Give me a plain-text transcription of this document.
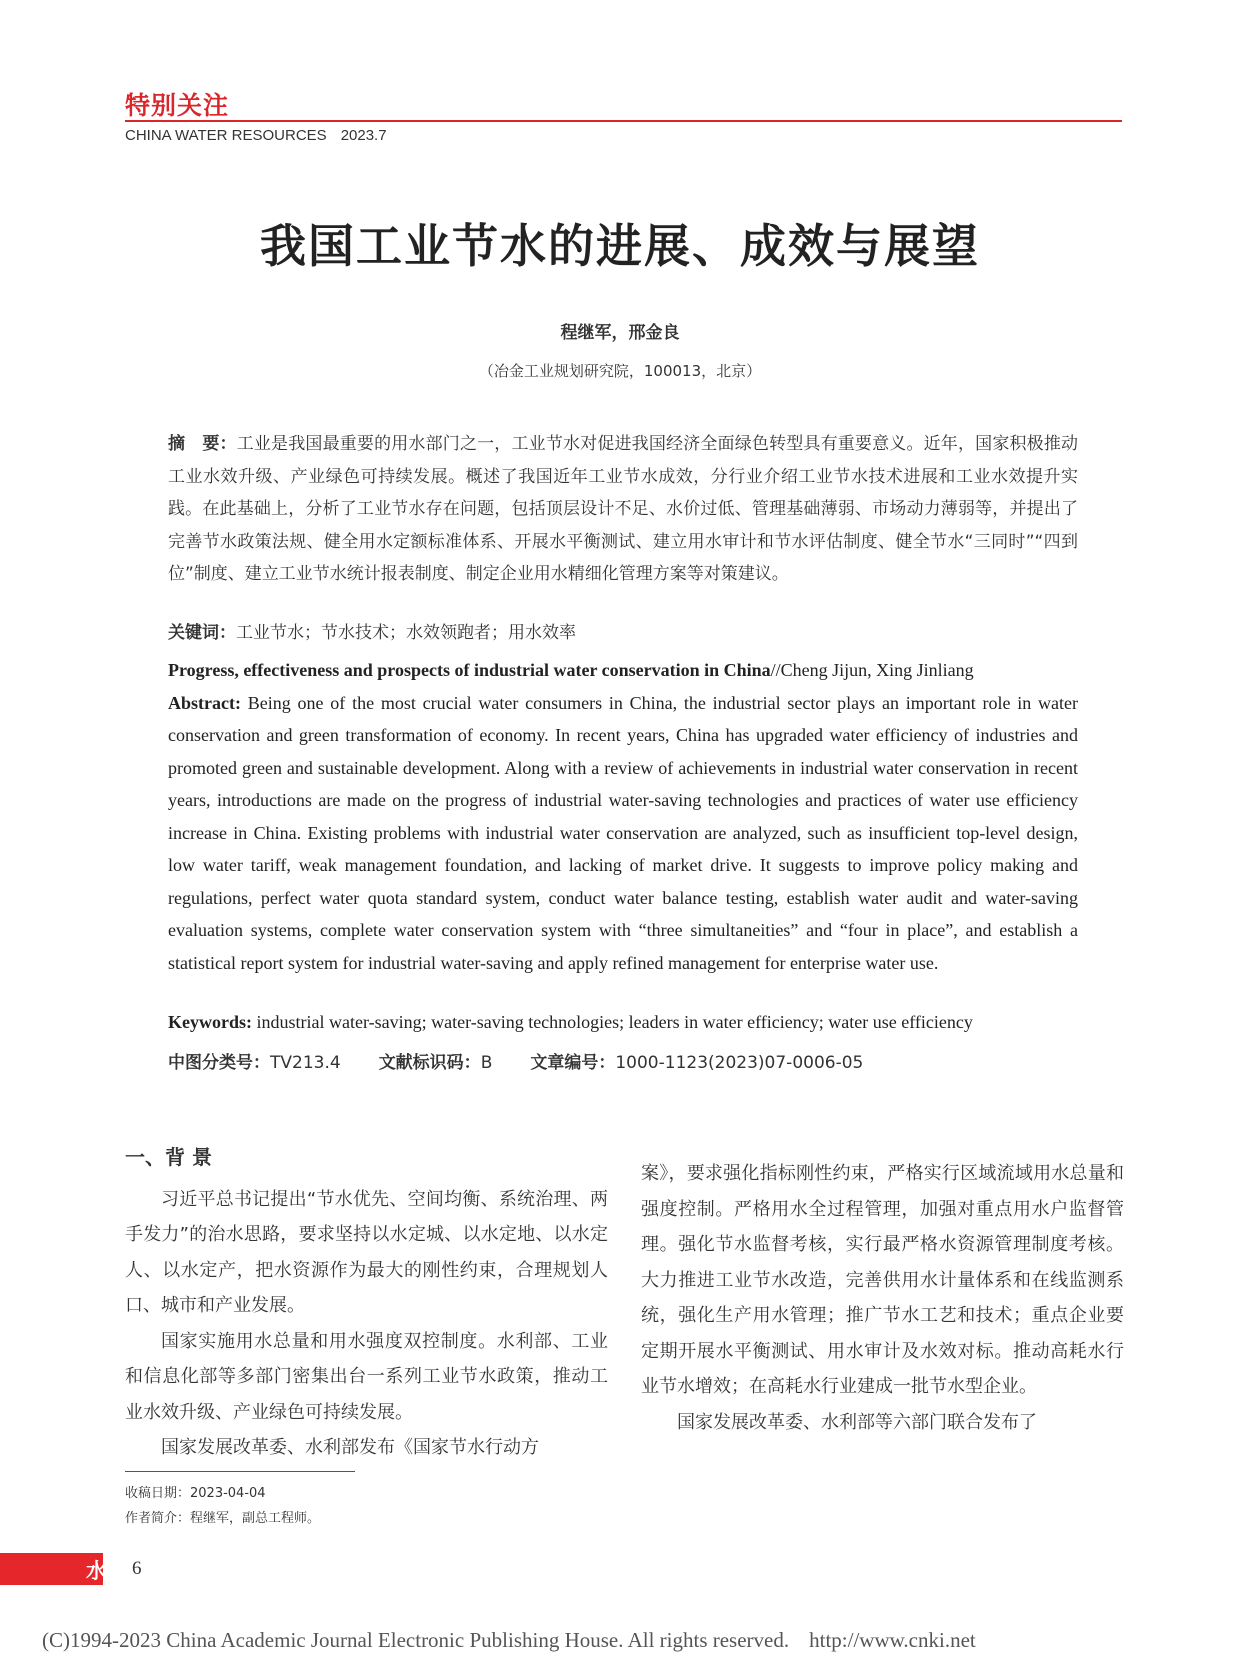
特别关注
CHINA WATER RESOURCES 2023.7
我国工业节水的进展、成效与展望
程继军，邢金良
（冶金工业规划研究院，100013，北京）
摘　要：工业是我国最重要的用水部门之一，工业节水对促进我国经济全面绿色转型具有重要意义。近年，国家积极推动工业水效升级、产业绿色可持续发展。概述了我国近年工业节水成效，分行业介绍工业节水技术进展和工业水效提升实践。在此基础上，分析了工业节水存在问题，包括顶层设计不足、水价过低、管理基础薄弱、市场动力薄弱等，并提出了完善节水政策法规、健全用水定额标准体系、开展水平衡测试、建立用水审计和节水评估制度、健全节水“三同时”“四到位”制度、建立工业节水统计报表制度、制定企业用水精细化管理方案等对策建议。
关键词：工业节水；节水技术；水效领跑者；用水效率
Progress, effectiveness and prospects of industrial water conservation in China//Cheng Jijun, Xing Jinliang
Abstract: Being one of the most crucial water consumers in China, the industrial sector plays an important role in water conservation and green transformation of economy. In recent years, China has upgraded water efficiency of industries and promoted green and sustainable development. Along with a review of achievements in industrial water conservation in recent years, introductions are made on the progress of industrial water-saving technologies and practices of water use efficiency increase in China. Existing problems with industrial water conservation are analyzed, such as insufficient top-level design, low water tariff, weak management foundation, and lacking of market drive. It suggests to improve policy making and regulations, perfect water quota standard system, conduct water balance testing, establish water audit and water-saving evaluation systems, complete water conservation system with “three simultaneities” and “four in place”, and establish a statistical report system for industrial water-saving and apply refined management for enterprise water use.
Keywords: industrial water-saving; water-saving technologies; leaders in water efficiency; water use efficiency
中图分类号：TV213.4 文献标识码：B 文章编号：1000-1123(2023)07-0006-05
一、背 景

习近平总书记提出“节水优先、空间均衡、系统治理、两手发力”的治水思路，要求坚持以水定城、以水定地、以水定人、以水定产，把水资源作为最大的刚性约束，合理规划人口、城市和产业发展。

国家实施用水总量和用水强度双控制度。水利部、工业和信息化部等多部门密集出台一系列工业节水政策，推动工业水效升级、产业绿色可持续发展。

国家发展改革委、水利部发布《国家节水行动方

案》，要求强化指标刚性约束，严格实行区域流域用水总量和强度控制。严格用水全过程管理，加强对重点用水户监督管理。强化节水监督考核，实行最严格水资源管理制度考核。大力推进工业节水改造，完善供用水计量体系和在线监测系统，强化生产用水管理；推广节水工艺和技术；重点企业要定期开展水平衡测试、用水审计及水效对标。推动高耗水行业节水增效；在高耗水行业建成一批节水型企业。

国家发展改革委、水利部等六部门联合发布了

收稿日期：2023-04-04
作者简介：程继军，副总工程师。
水 6
(C)1994-2023 China Academic Journal Electronic Publishing House. All rights reserved. http://www.cnki.net
